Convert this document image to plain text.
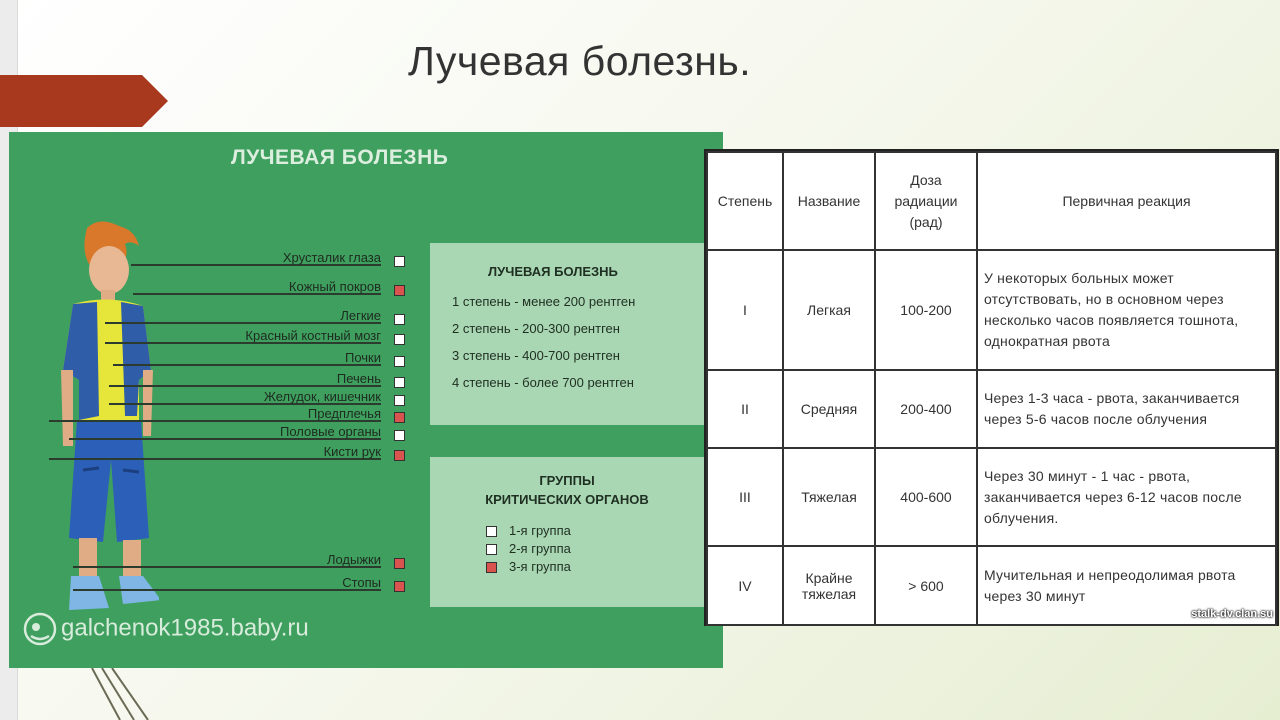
Лучевая болезнь.
ЛУЧЕВАЯ БОЛЕЗНЬ
Хрусталик глаза
Кожный покров
Легкие
Красный костный мозг
Почки
Печень
Желудок, кишечник
Предплечья
Половые органы
Кисти рук
Лодыжки
Стопы
ЛУЧЕВАЯ БОЛЕЗНЬ
1 степень - менее 200 рентген
2 степень - 200-300 рентген
3 степень - 400-700 рентген
4 степень - более 700 рентген
ГРУППЫ
КРИТИЧЕСКИХ ОРГАНОВ
1-я группа
2-я группа
3-я группа
galchenok1985.baby.ru
Степень	Название	Доза
радиации
(рад)	Первичная реакция
I	Легкая	100-200	У некоторых больных может отсутствовать, но в основном через несколько часов появляется тошнота, однократная рвота
II	Средняя	200-400	Через 1-3 часа - рвота, заканчивается через 5-6 часов после облучения
III	Тяжелая	400-600	Через 30 минут - 1 час - рвота, заканчивается через 6-12 часов после облучения.
IV	Крайне тяжелая	> 600	Мучительная и непреодолимая рвота через 30 минут
stalk-dv.clan.su
